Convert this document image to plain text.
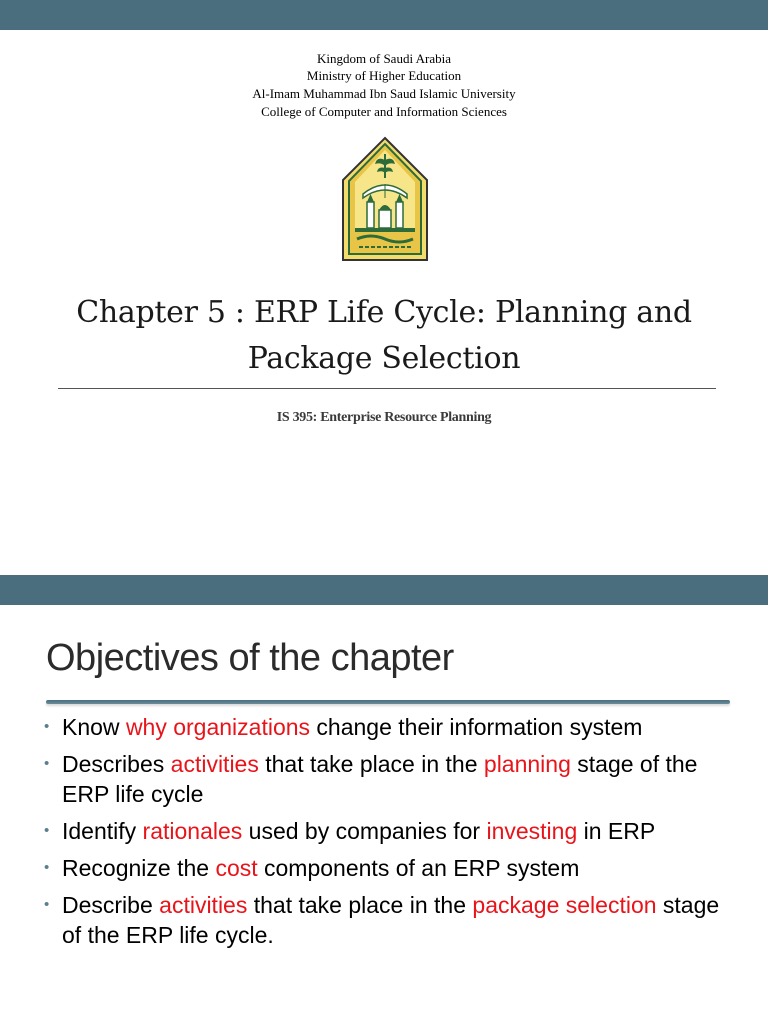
Kingdom of Saudi Arabia
Ministry of Higher Education
Al-Imam Muhammad Ibn Saud Islamic University
College of Computer and Information Sciences
Chapter 5 : ERP Life Cycle: Planning and
Package Selection
IS 395: Enterprise Resource Planning
Objectives of the chapter
• Know why organizations change their information system
• Describes activities that take place in the planning stage of the ERP life cycle
• Identify rationales used by companies for investing in ERP
• Recognize the cost components of an ERP system
• Describe activities that take place in the package selection stage of the ERP life cycle.
